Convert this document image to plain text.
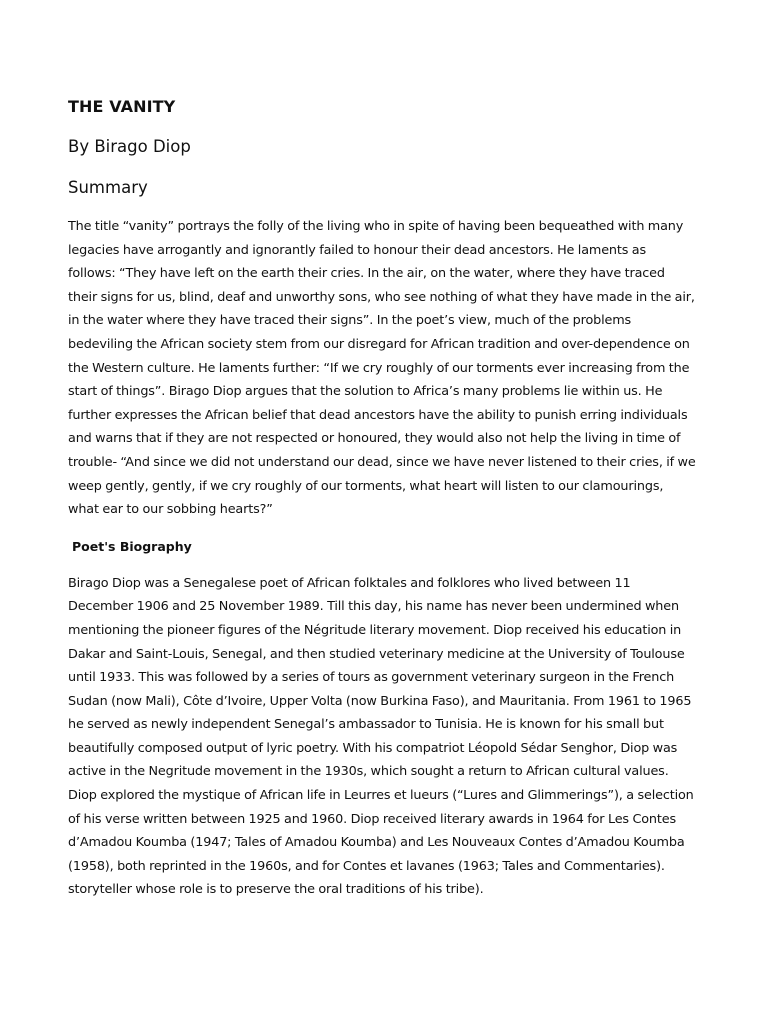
THE VANITY
By Birago Diop
Summary

The title “vanity” portrays the folly of the living who in spite of having been bequeathed with many legacies have arrogantly and ignorantly failed to honour their dead ancestors. He laments as follows: “They have left on the earth their cries. In the air, on the water, where they have traced their signs for us, blind, deaf and unworthy sons, who see nothing of what they have made in the air, in the water where they have traced their signs”. In the poet’s view, much of the problems bedeviling the African society stem from our disregard for African tradition and over-dependence on the Western culture. He laments further: “If we cry roughly of our torments ever increasing from the start of things”. Birago Diop argues that the solution to Africa’s many problems lie within us. He further expresses the African belief that dead ancestors have the ability to punish erring individuals and warns that if they are not respected or honoured, they would also not help the living in time of trouble- “And since we did not understand our dead, since we have never listened to their cries, if we weep gently, gently, if we cry roughly of our torments, what heart will listen to our clamourings, what ear to our sobbing hearts?”

Poet's Biography

Birago Diop was a Senegalese poet of African folktales and folklores who lived between 11 December 1906 and 25 November 1989. Till this day, his name has never been undermined when mentioning the pioneer figures of the Négritude literary movement. Diop received his education in Dakar and Saint-Louis, Senegal, and then studied veterinary medicine at the University of Toulouse until 1933. This was followed by a series of tours as government veterinary surgeon in the French Sudan (now Mali), Côte d’Ivoire, Upper Volta (now Burkina Faso), and Mauritania. From 1961 to 1965 he served as newly independent Senegal’s ambassador to Tunisia. He is known for his small but beautifully composed output of lyric poetry. With his compatriot Léopold Sédar Senghor, Diop was active in the Negritude movement in the 1930s, which sought a return to African cultural values. Diop explored the mystique of African life in Leurres et lueurs (“Lures and Glimmerings”), a selection of his verse written between 1925 and 1960. Diop received literary awards in 1964 for Les Contes d’Amadou Koumba (1947; Tales of Amadou Koumba) and Les Nouveaux Contes d’Amadou Koumba (1958), both reprinted in the 1960s, and for Contes et lavanes (1963; Tales and Commentaries). storyteller whose role is to preserve the oral traditions of his tribe).
